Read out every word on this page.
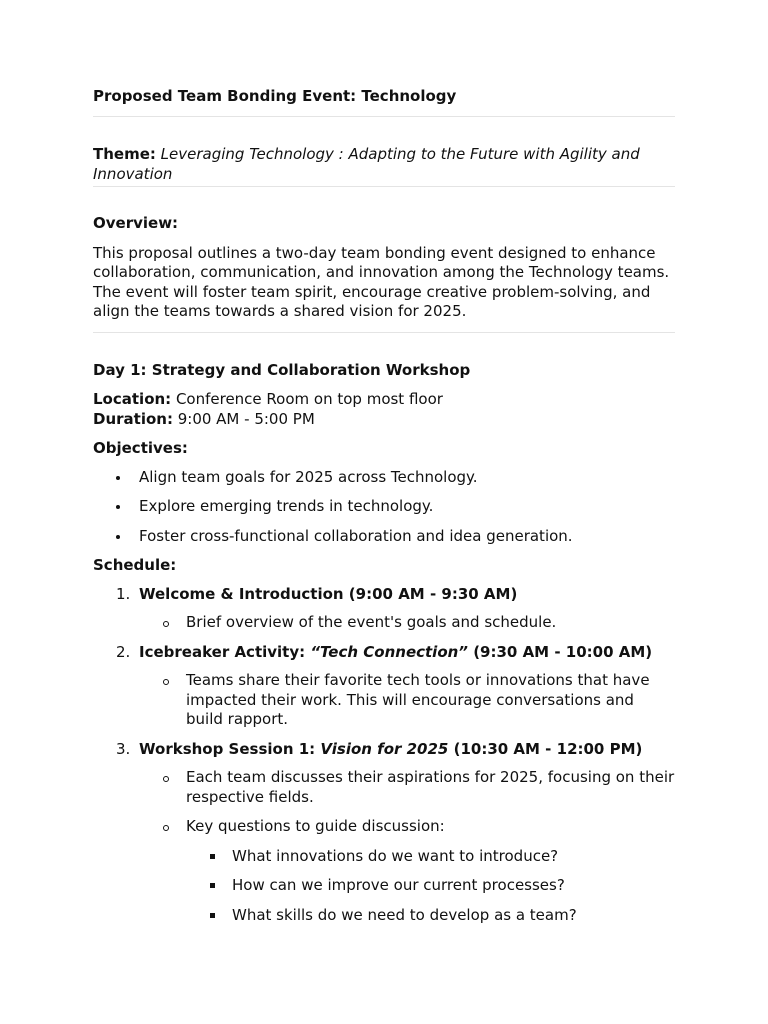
Proposed Team Bonding Event: Technology

Theme: Leveraging Technology : Adapting to the Future with Agility and Innovation

Overview:

This proposal outlines a two-day team bonding event designed to enhance collaboration, communication, and innovation among the Technology teams. The event will foster team spirit, encourage creative problem-solving, and align the teams towards a shared vision for 2025.

Day 1: Strategy and Collaboration Workshop

Location: Conference Room on top most floor

Duration: 9:00 AM - 5:00 PM

Objectives:

Align team goals for 2025 across Technology.
Explore emerging trends in technology.
Foster cross-functional collaboration and idea generation.

Schedule:

1. Welcome & Introduction (9:00 AM - 9:30 AM)
Brief overview of the event's goals and schedule.
2. Icebreaker Activity: “Tech Connection” (9:30 AM - 10:00 AM)
Teams share their favorite tech tools or innovations that have impacted their work. This will encourage conversations and build rapport.
3. Workshop Session 1: Vision for 2025 (10:30 AM - 12:00 PM)
Each team discusses their aspirations for 2025, focusing on their respective fields.
Key questions to guide discussion:
What innovations do we want to introduce?
How can we improve our current processes?
What skills do we need to develop as a team?
